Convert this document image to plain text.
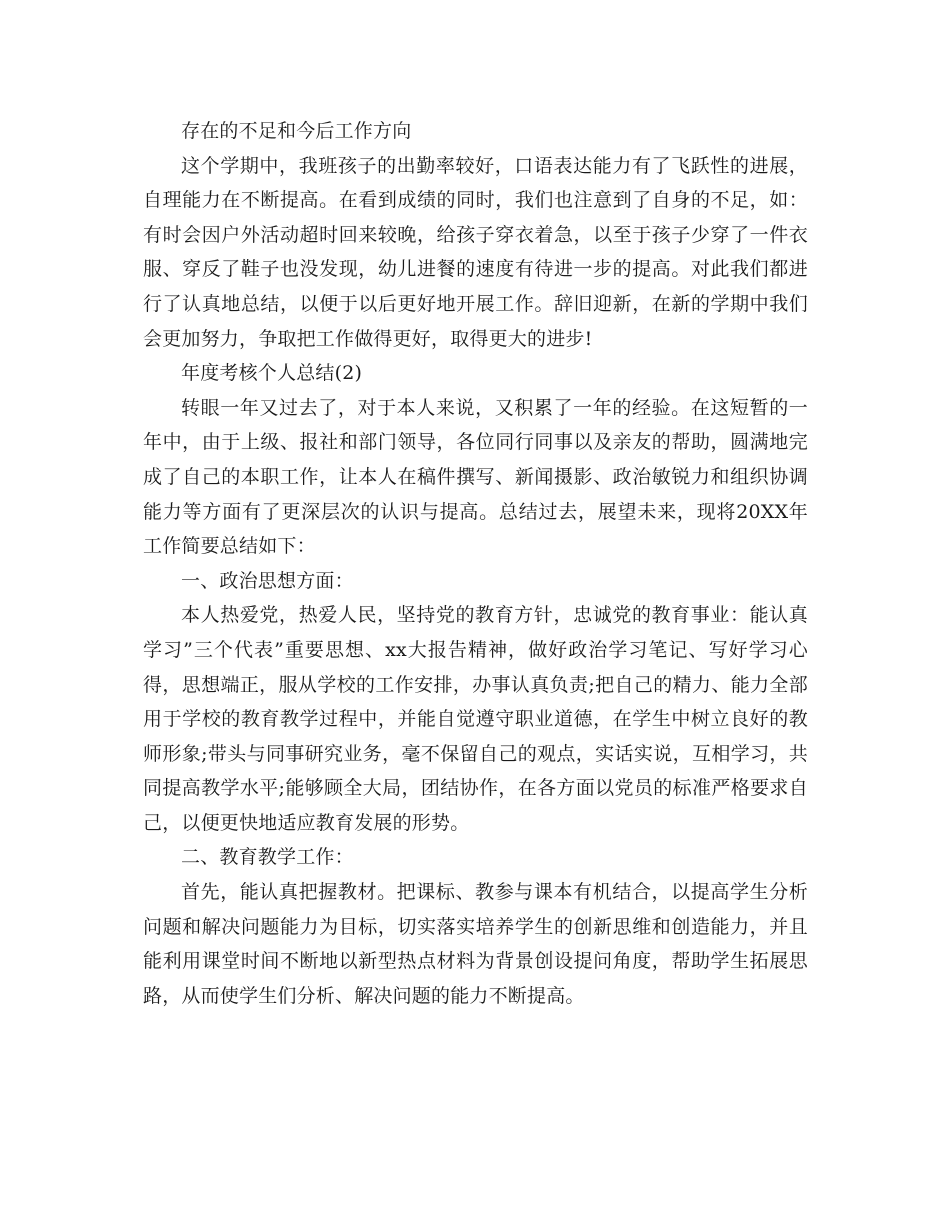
存在的不足和今后工作方向

这个学期中，我班孩子的出勤率较好，口语表达能力有了飞跃性的进展，自理能力在不断提高。在看到成绩的同时，我们也注意到了自身的不足，如：有时会因户外活动超时回来较晚，给孩子穿衣着急，以至于孩子少穿了一件衣服、穿反了鞋子也没发现，幼儿进餐的速度有待进一步的提高。对此我们都进行了认真地总结，以便于以后更好地开展工作。辞旧迎新，在新的学期中我们会更加努力，争取把工作做得更好，取得更大的进步!

年度考核个人总结(2)

转眼一年又过去了，对于本人来说，又积累了一年的经验。在这短暂的一年中，由于上级、报社和部门领导，各位同行同事以及亲友的帮助，圆满地完成了自己的本职工作，让本人在稿件撰写、新闻摄影、政治敏锐力和组织协调能力等方面有了更深层次的认识与提高。总结过去，展望未来，现将20XX年工作简要总结如下：

一、政治思想方面：

本人热爱党，热爱人民，坚持党的教育方针，忠诚党的教育事业：能认真学习”三个代表”重要思想、xx大报告精神，做好政治学习笔记、写好学习心得，思想端正，服从学校的工作安排，办事认真负责;把自己的精力、能力全部用于学校的教育教学过程中，并能自觉遵守职业道德，在学生中树立良好的教师形象;带头与同事研究业务，毫不保留自己的观点，实话实说，互相学习，共同提高教学水平;能够顾全大局，团结协作，在各方面以党员的标准严格要求自己，以便更快地适应教育发展的形势。

二、教育教学工作：

首先，能认真把握教材。把课标、教参与课本有机结合，以提高学生分析问题和解决问题能力为目标，切实落实培养学生的创新思维和创造能力，并且能利用课堂时间不断地以新型热点材料为背景创设提问角度，帮助学生拓展思路，从而使学生们分析、解决问题的能力不断提高。
